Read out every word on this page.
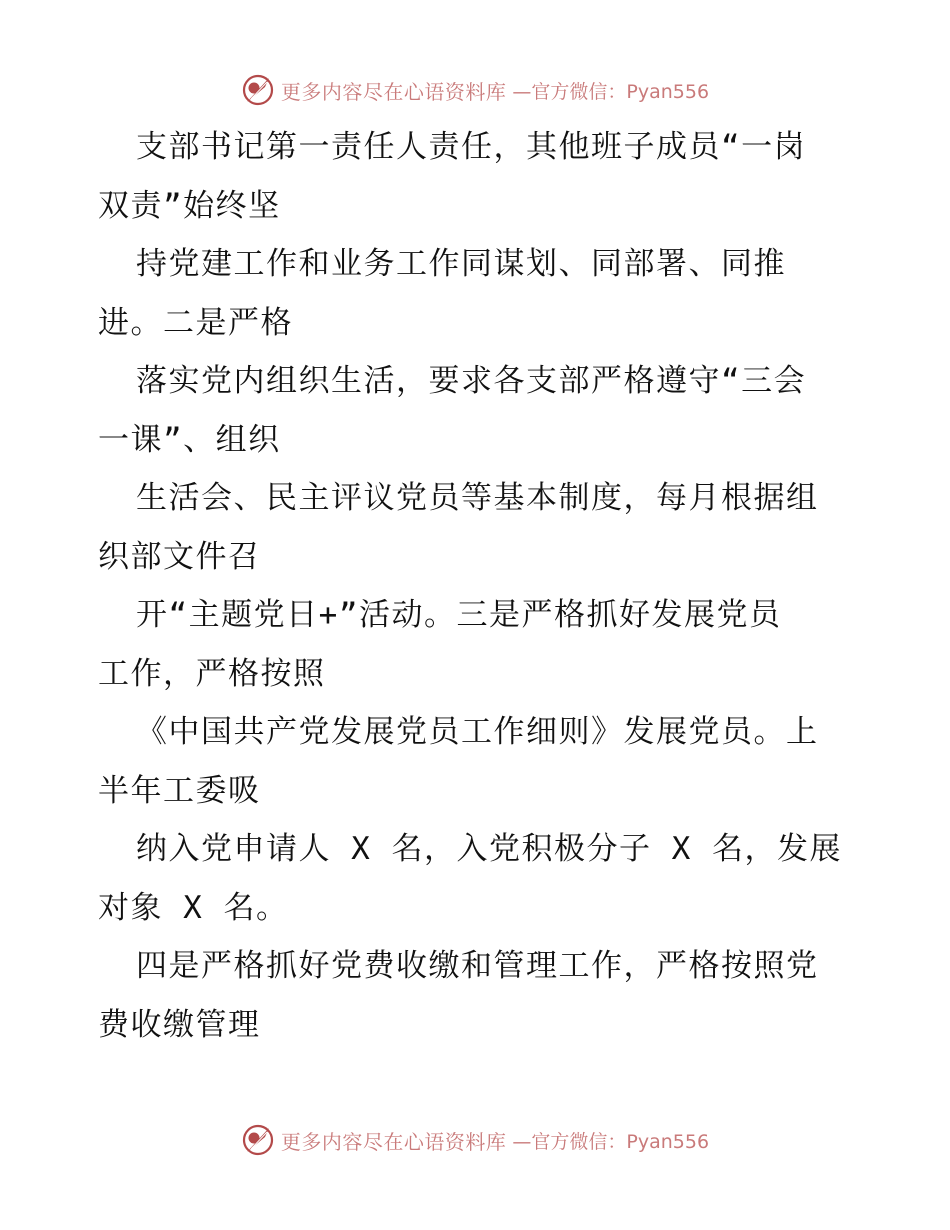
更多内容尽在心语资料库 —官方微信：Pyan556
支部书记第一责任人责任，其他班子成员“一岗
双责”始终坚
持党建工作和业务工作同谋划、同部署、同推
进。二是严格
落实党内组织生活，要求各支部严格遵守“三会
一课”、组织
生活会、民主评议党员等基本制度，每月根据组
织部文件召
开“主题党日+”活动。三是严格抓好发展党员
工作，严格按照
《中国共产党发展党员工作细则》发展党员。上
半年工委吸
纳入党申请人 X 名，入党积极分子 X 名，发展
对象 X 名。
四是严格抓好党费收缴和管理工作，严格按照党
费收缴管理
更多内容尽在心语资料库 —官方微信：Pyan556
